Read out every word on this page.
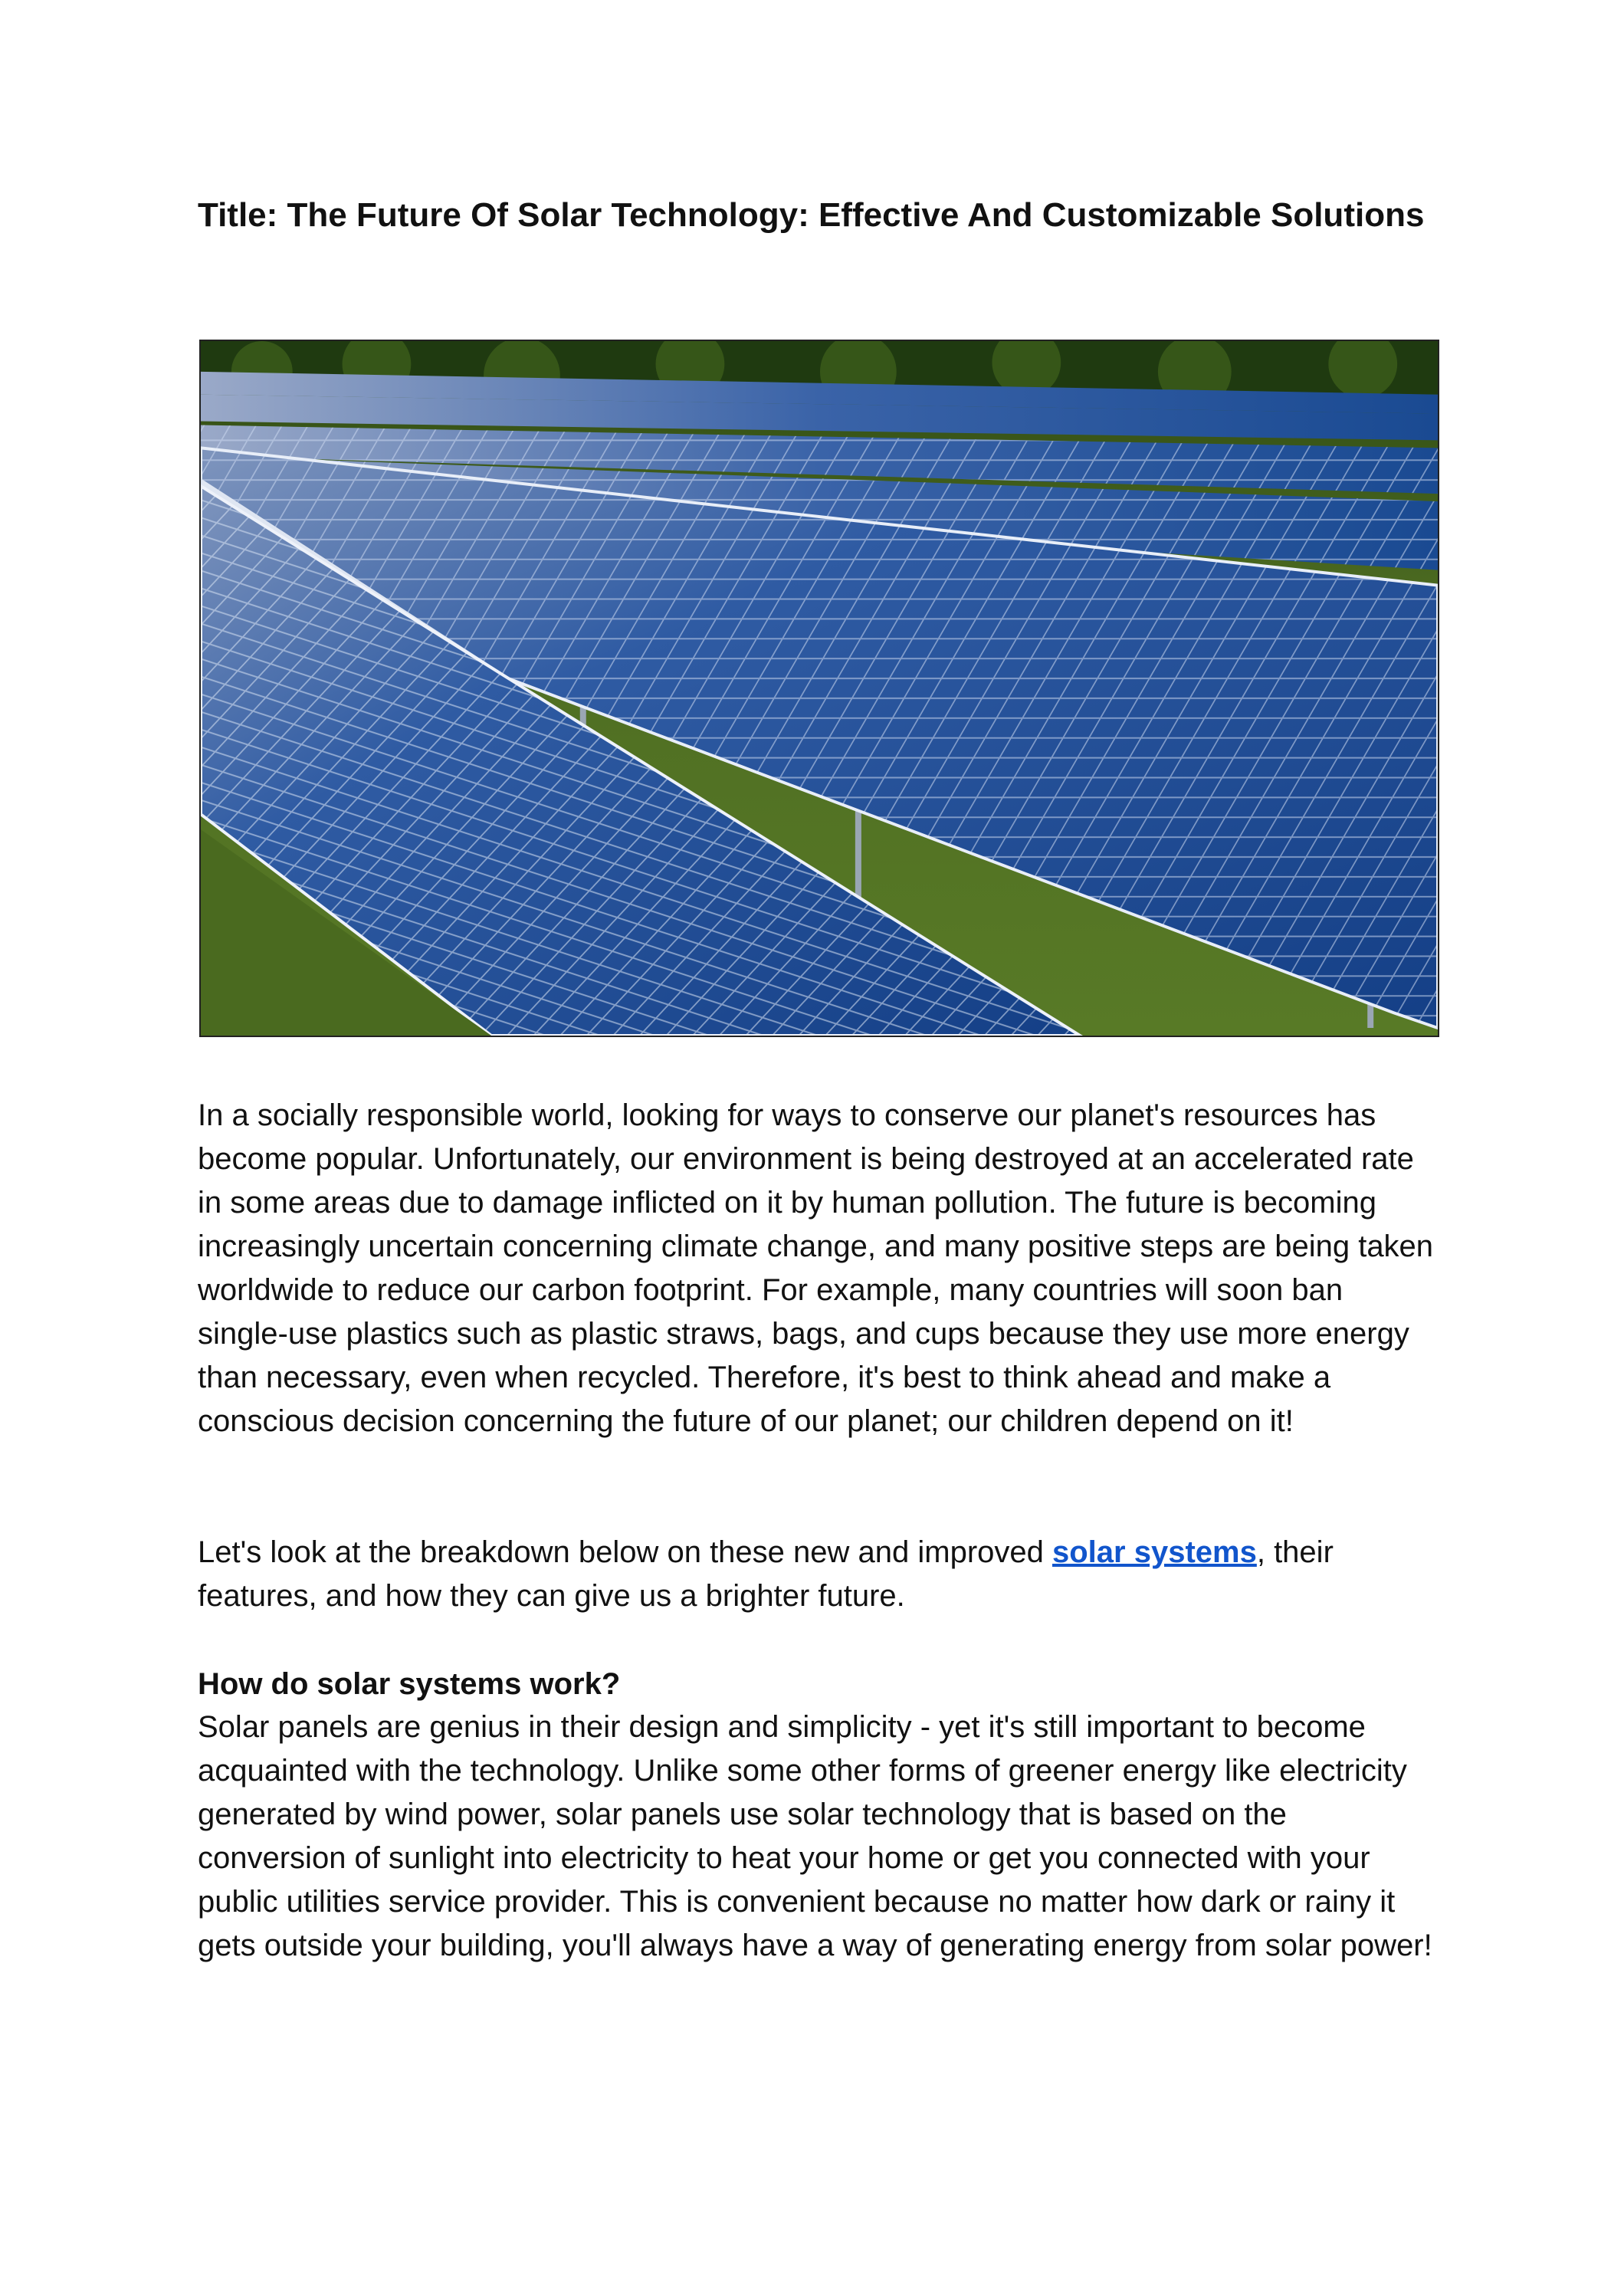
Title: The Future Of Solar Technology: Effective And Customizable Solutions

In a socially responsible world, looking for ways to conserve our planet's resources has become popular. Unfortunately, our environment is being destroyed at an accelerated rate in some areas due to damage inflicted on it by human pollution. The future is becoming increasingly uncertain concerning climate change, and many positive steps are being taken worldwide to reduce our carbon footprint. For example, many countries will soon ban single-use plastics such as plastic straws, bags, and cups because they use more energy than necessary, even when recycled. Therefore, it's best to think ahead and make a conscious decision concerning the future of our planet; our children depend on it!

Let's look at the breakdown below on these new and improved solar systems, their features, and how they can give us a brighter future.

How do solar systems work?

Solar panels are genius in their design and simplicity - yet it's still important to become acquainted with the technology. Unlike some other forms of greener energy like electricity generated by wind power, solar panels use solar technology that is based on the conversion of sunlight into electricity to heat your home or get you connected with your public utilities service provider. This is convenient because no matter how dark or rainy it gets outside your building, you'll always have a way of generating energy from solar power!
